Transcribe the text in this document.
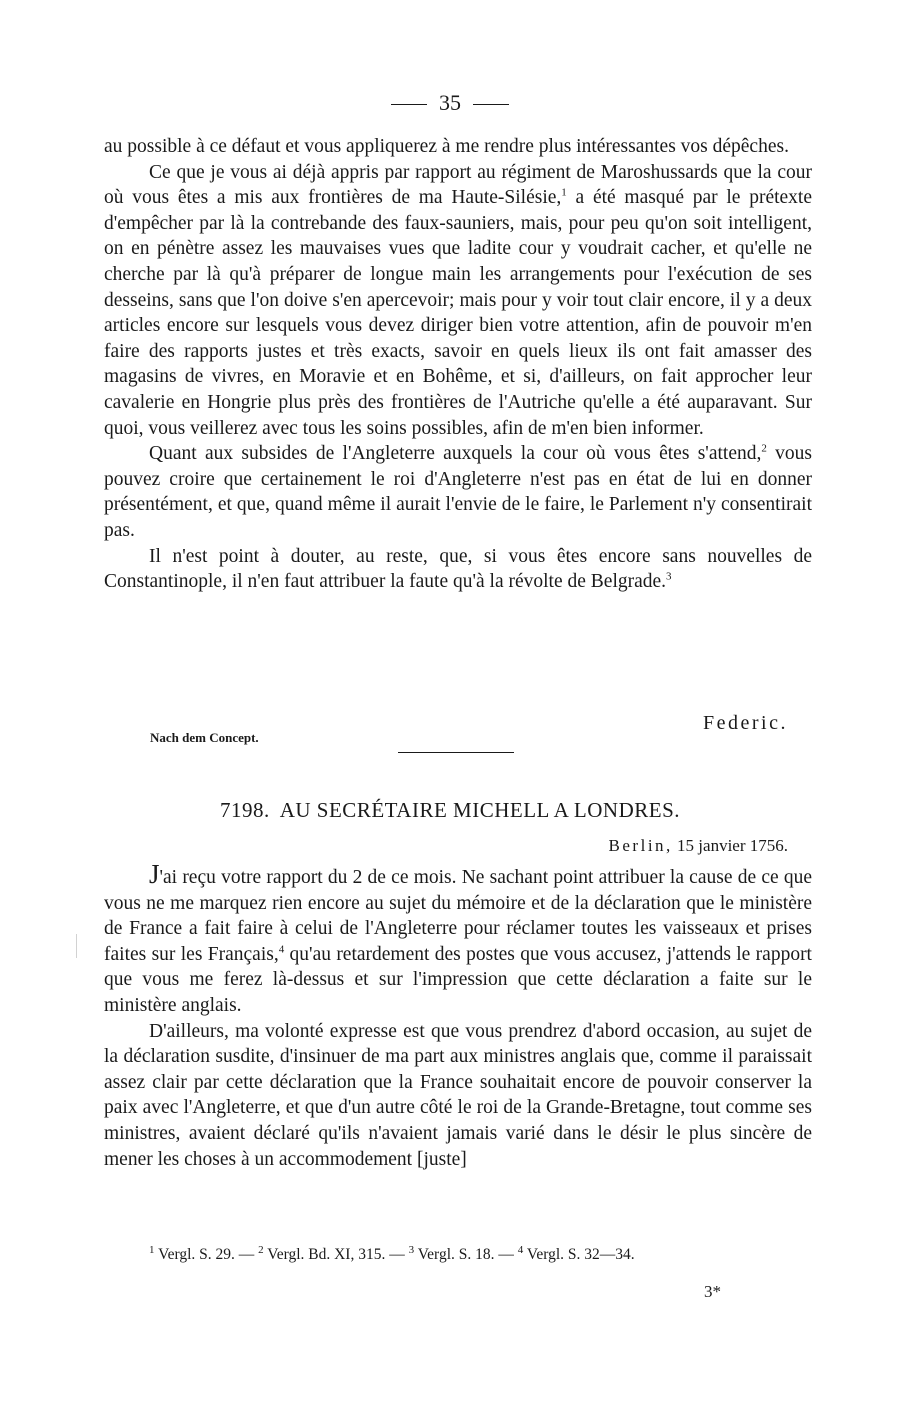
35

au possible à ce défaut et vous appliquerez à me rendre plus intéressantes vos dépêches.

Ce que je vous ai déjà appris par rapport au régiment de Maroshussards que la cour où vous êtes a mis aux frontières de ma Haute-Silésie,$^1$ a été masqué par le prétexte d'empêcher par là la contrebande des faux-sauniers, mais, pour peu qu'on soit intelligent, on en pénètre assez les mauvaises vues que ladite cour y voudrait cacher, et qu'elle ne cherche par là qu'à préparer de longue main les arrangements pour l'exécution de ses desseins, sans que l'on doive s'en apercevoir; mais pour y voir tout clair encore, il y a deux articles encore sur lesquels vous devez diriger bien votre attention, afin de pouvoir m'en faire des rapports justes et très exacts, savoir en quels lieux ils ont fait amasser des magasins de vivres, en Moravie et en Bohême, et si, d'ailleurs, on fait approcher leur cavalerie en Hongrie plus près des frontières de l'Autriche qu'elle a été auparavant. Sur quoi, vous veillerez avec tous les soins possibles, afin de m'en bien informer.

Quant aux subsides de l'Angleterre auxquels la cour où vous êtes s'attend,$^2$ vous pouvez croire que certainement le roi d'Angleterre n'est pas en état de lui en donner présentément, et que, quand même il aurait l'envie de le faire, le Parlement n'y consentirait pas.

Il n'est point à douter, au reste, que, si vous êtes encore sans nouvelles de Constantinople, il n'en faut attribuer la faute qu'à la révolte de Belgrade.$^3$

Federic.
Nach dem Concept.
7198. AU SECRÉTAIRE MICHELL A LONDRES.
Berlin, 15 janvier 1756.

J'ai reçu votre rapport du 2 de ce mois. Ne sachant point attribuer la cause de ce que vous ne me marquez rien encore au sujet du mémoire et de la déclaration que le ministère de France a fait faire à celui de l'Angleterre pour réclamer toutes les vaisseaux et prises faites sur les Français,$^4$ qu'au retardement des postes que vous accusez, j'attends le rapport que vous me ferez là-dessus et sur l'impression que cette déclaration a faite sur le ministère anglais.

D'ailleurs, ma volonté expresse est que vous prendrez d'abord occasion, au sujet de la déclaration susdite, d'insinuer de ma part aux ministres anglais que, comme il paraissait assez clair par cette déclaration que la France souhaitait encore de pouvoir conserver la paix avec l'Angleterre, et que d'un autre côté le roi de la Grande-Bretagne, tout comme ses ministres, avaient déclaré qu'ils n'avaient jamais varié dans le désir le plus sincère de mener les choses à un accommodement [juste]

$^1$ Vergl. S. 29. — $^2$ Vergl. Bd. XI, 315. — $^3$ Vergl. S. 18. — $^4$ Vergl. S. 32—34.
3*
